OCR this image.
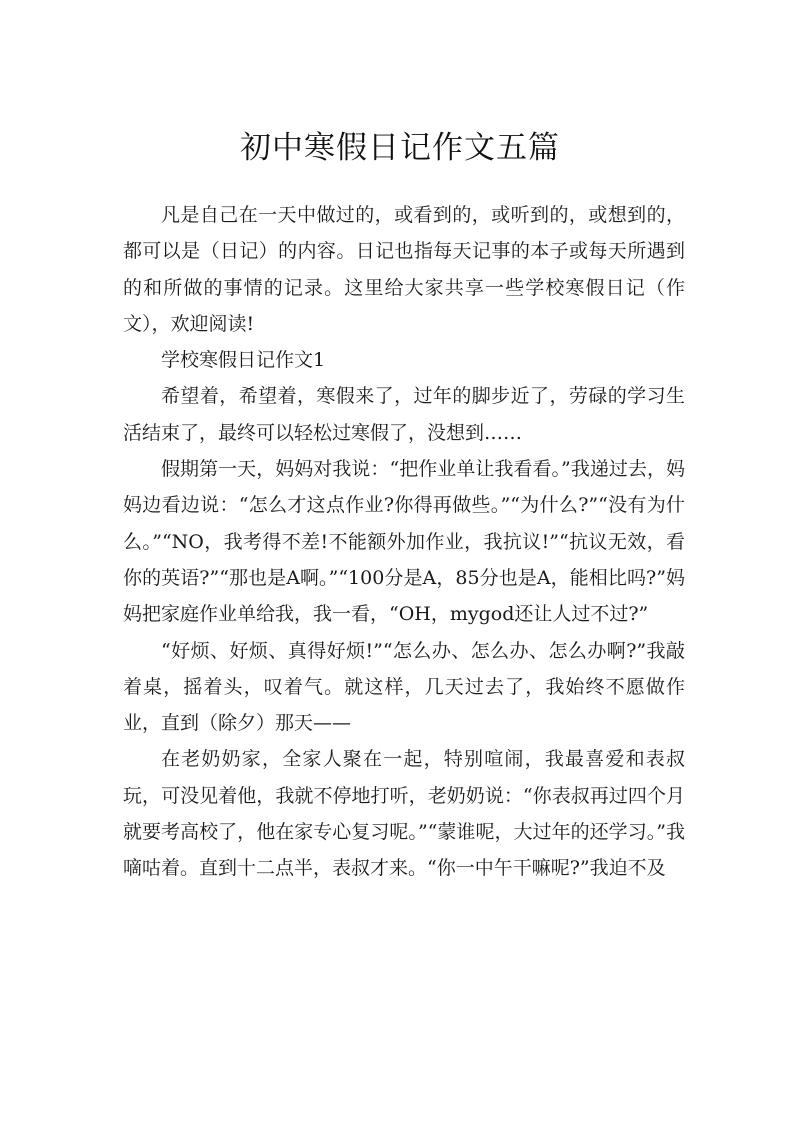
初中寒假日记作文五篇

凡是自己在一天中做过的，或看到的，或听到的，或想到的，都可以是（日记）的内容。日记也指每天记事的本子或每天所遇到的和所做的事情的记录。这里给大家共享一些学校寒假日记（作文），欢迎阅读!

学校寒假日记作文1

希望着，希望着，寒假来了，过年的脚步近了，劳碌的学习生活结束了，最终可以轻松过寒假了，没想到……

假期第一天，妈妈对我说：“把作业单让我看看。”我递过去，妈妈边看边说：“怎么才这点作业?你得再做些。”“为什么?”“没有为什么。”“NO，我考得不差!不能额外加作业，我抗议!”“抗议无效，看你的英语?”“那也是A啊。”“100分是A，85分也是A，能相比吗?”妈妈把家庭作业单给我，我一看，“OH，mygod还让人过不过?”

“好烦、好烦、真得好烦!”“怎么办、怎么办、怎么办啊?”我敲着桌，摇着头，叹着气。就这样，几天过去了，我始终不愿做作业，直到（除夕）那天——

在老奶奶家，全家人聚在一起，特别喧闹，我最喜爱和表叔玩，可没见着他，我就不停地打听，老奶奶说：“你表叔再过四个月就要考高校了，他在家专心复习呢。”“蒙谁呢，大过年的还学习。”我嘀咕着。直到十二点半，表叔才来。“你一中午干嘛呢?”我迫不及
